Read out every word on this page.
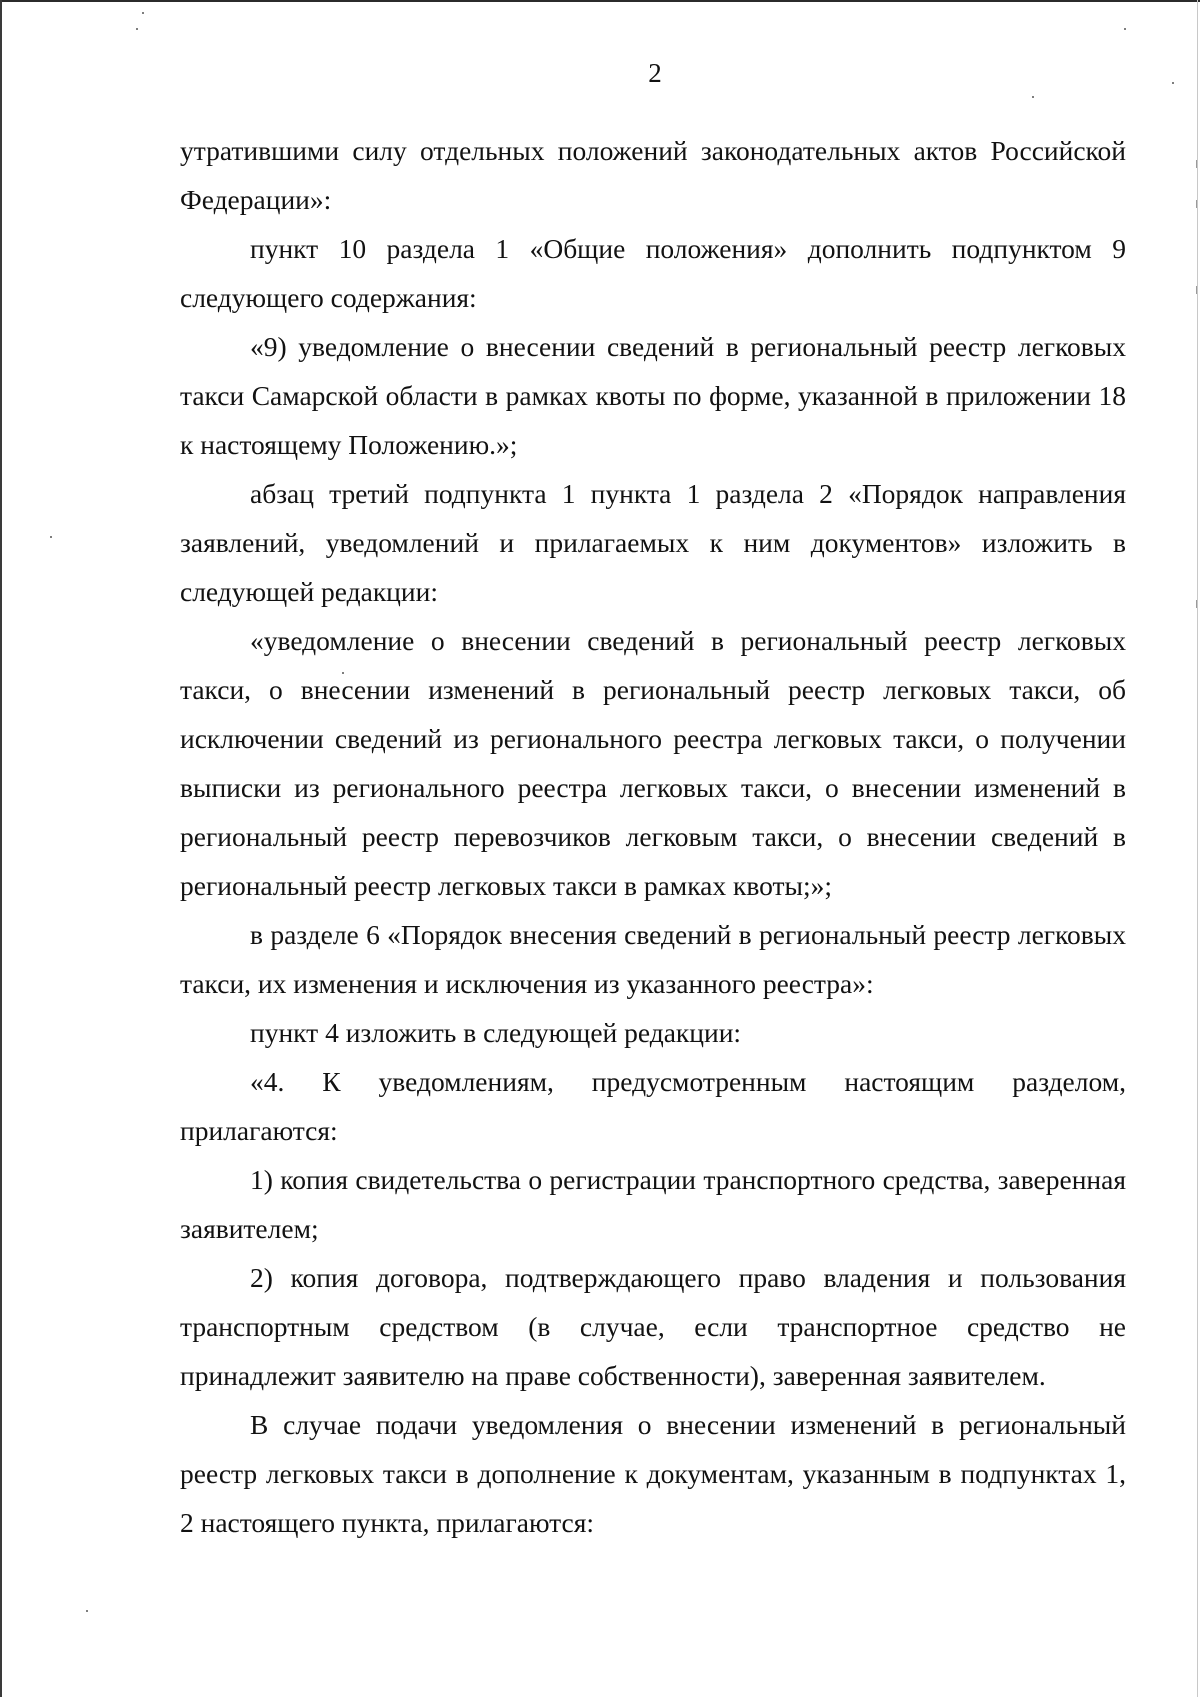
2

утратившими силу отдельных положений законодательных актов Российской Федерации»:

пункт 10 раздела 1 «Общие положения» дополнить подпунктом 9 следующего содержания:

«9) уведомление о внесении сведений в региональный реестр легковых такси Самарской области в рамках квоты по форме, указанной в приложении 18 к настоящему Положению.»;

абзац третий подпункта 1 пункта 1 раздела 2 «Порядок направления заявлений, уведомлений и прилагаемых к ним документов» изложить в следующей редакции:

«уведомление о внесении сведений в региональный реестр легковых такси, о внесении изменений в региональный реестр легковых такси, об исключении сведений из регионального реестра легковых такси, о получении выписки из регионального реестра легковых такси, о внесении изменений в региональный реестр перевозчиков легковым такси, о внесении сведений в региональный реестр легковых такси в рамках квоты;»;

в разделе 6 «Порядок внесения сведений в региональный реестр легковых такси, их изменения и исключения из указанного реестра»:

пункт 4 изложить в следующей редакции:

«4. К уведомлениям, предусмотренным настоящим разделом, прилагаются:

1) копия свидетельства о регистрации транспортного средства, заверенная заявителем;

2) копия договора, подтверждающего право владения и пользования транспортным средством (в случае, если транспортное средство не принадлежит заявителю на праве собственности), заверенная заявителем.

В случае подачи уведомления о внесении изменений в региональный реестр легковых такси в дополнение к документам, указанным в подпунктах 1, 2 настоящего пункта, прилагаются:
